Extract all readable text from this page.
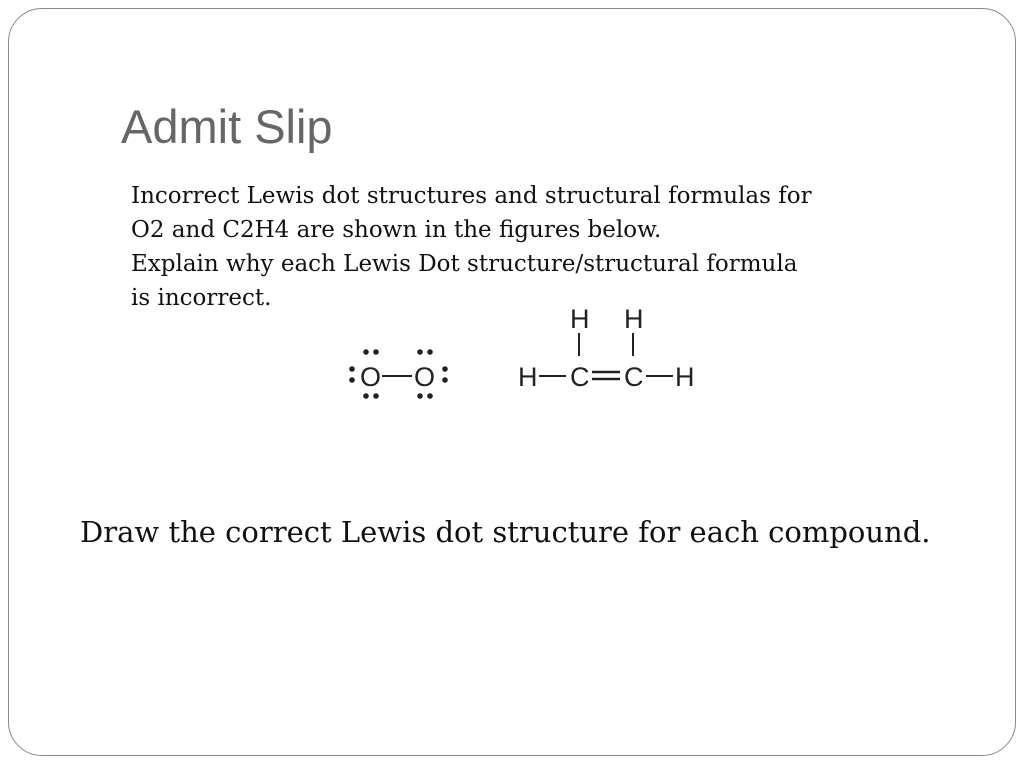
Admit Slip
Incorrect Lewis dot structures and structural formulas for
O2 and C2H4 are shown in the figures below.
Explain why each Lewis Dot structure/structural formula
is incorrect.
O O
H H
H C C H
Draw the correct Lewis dot structure for each compound.
